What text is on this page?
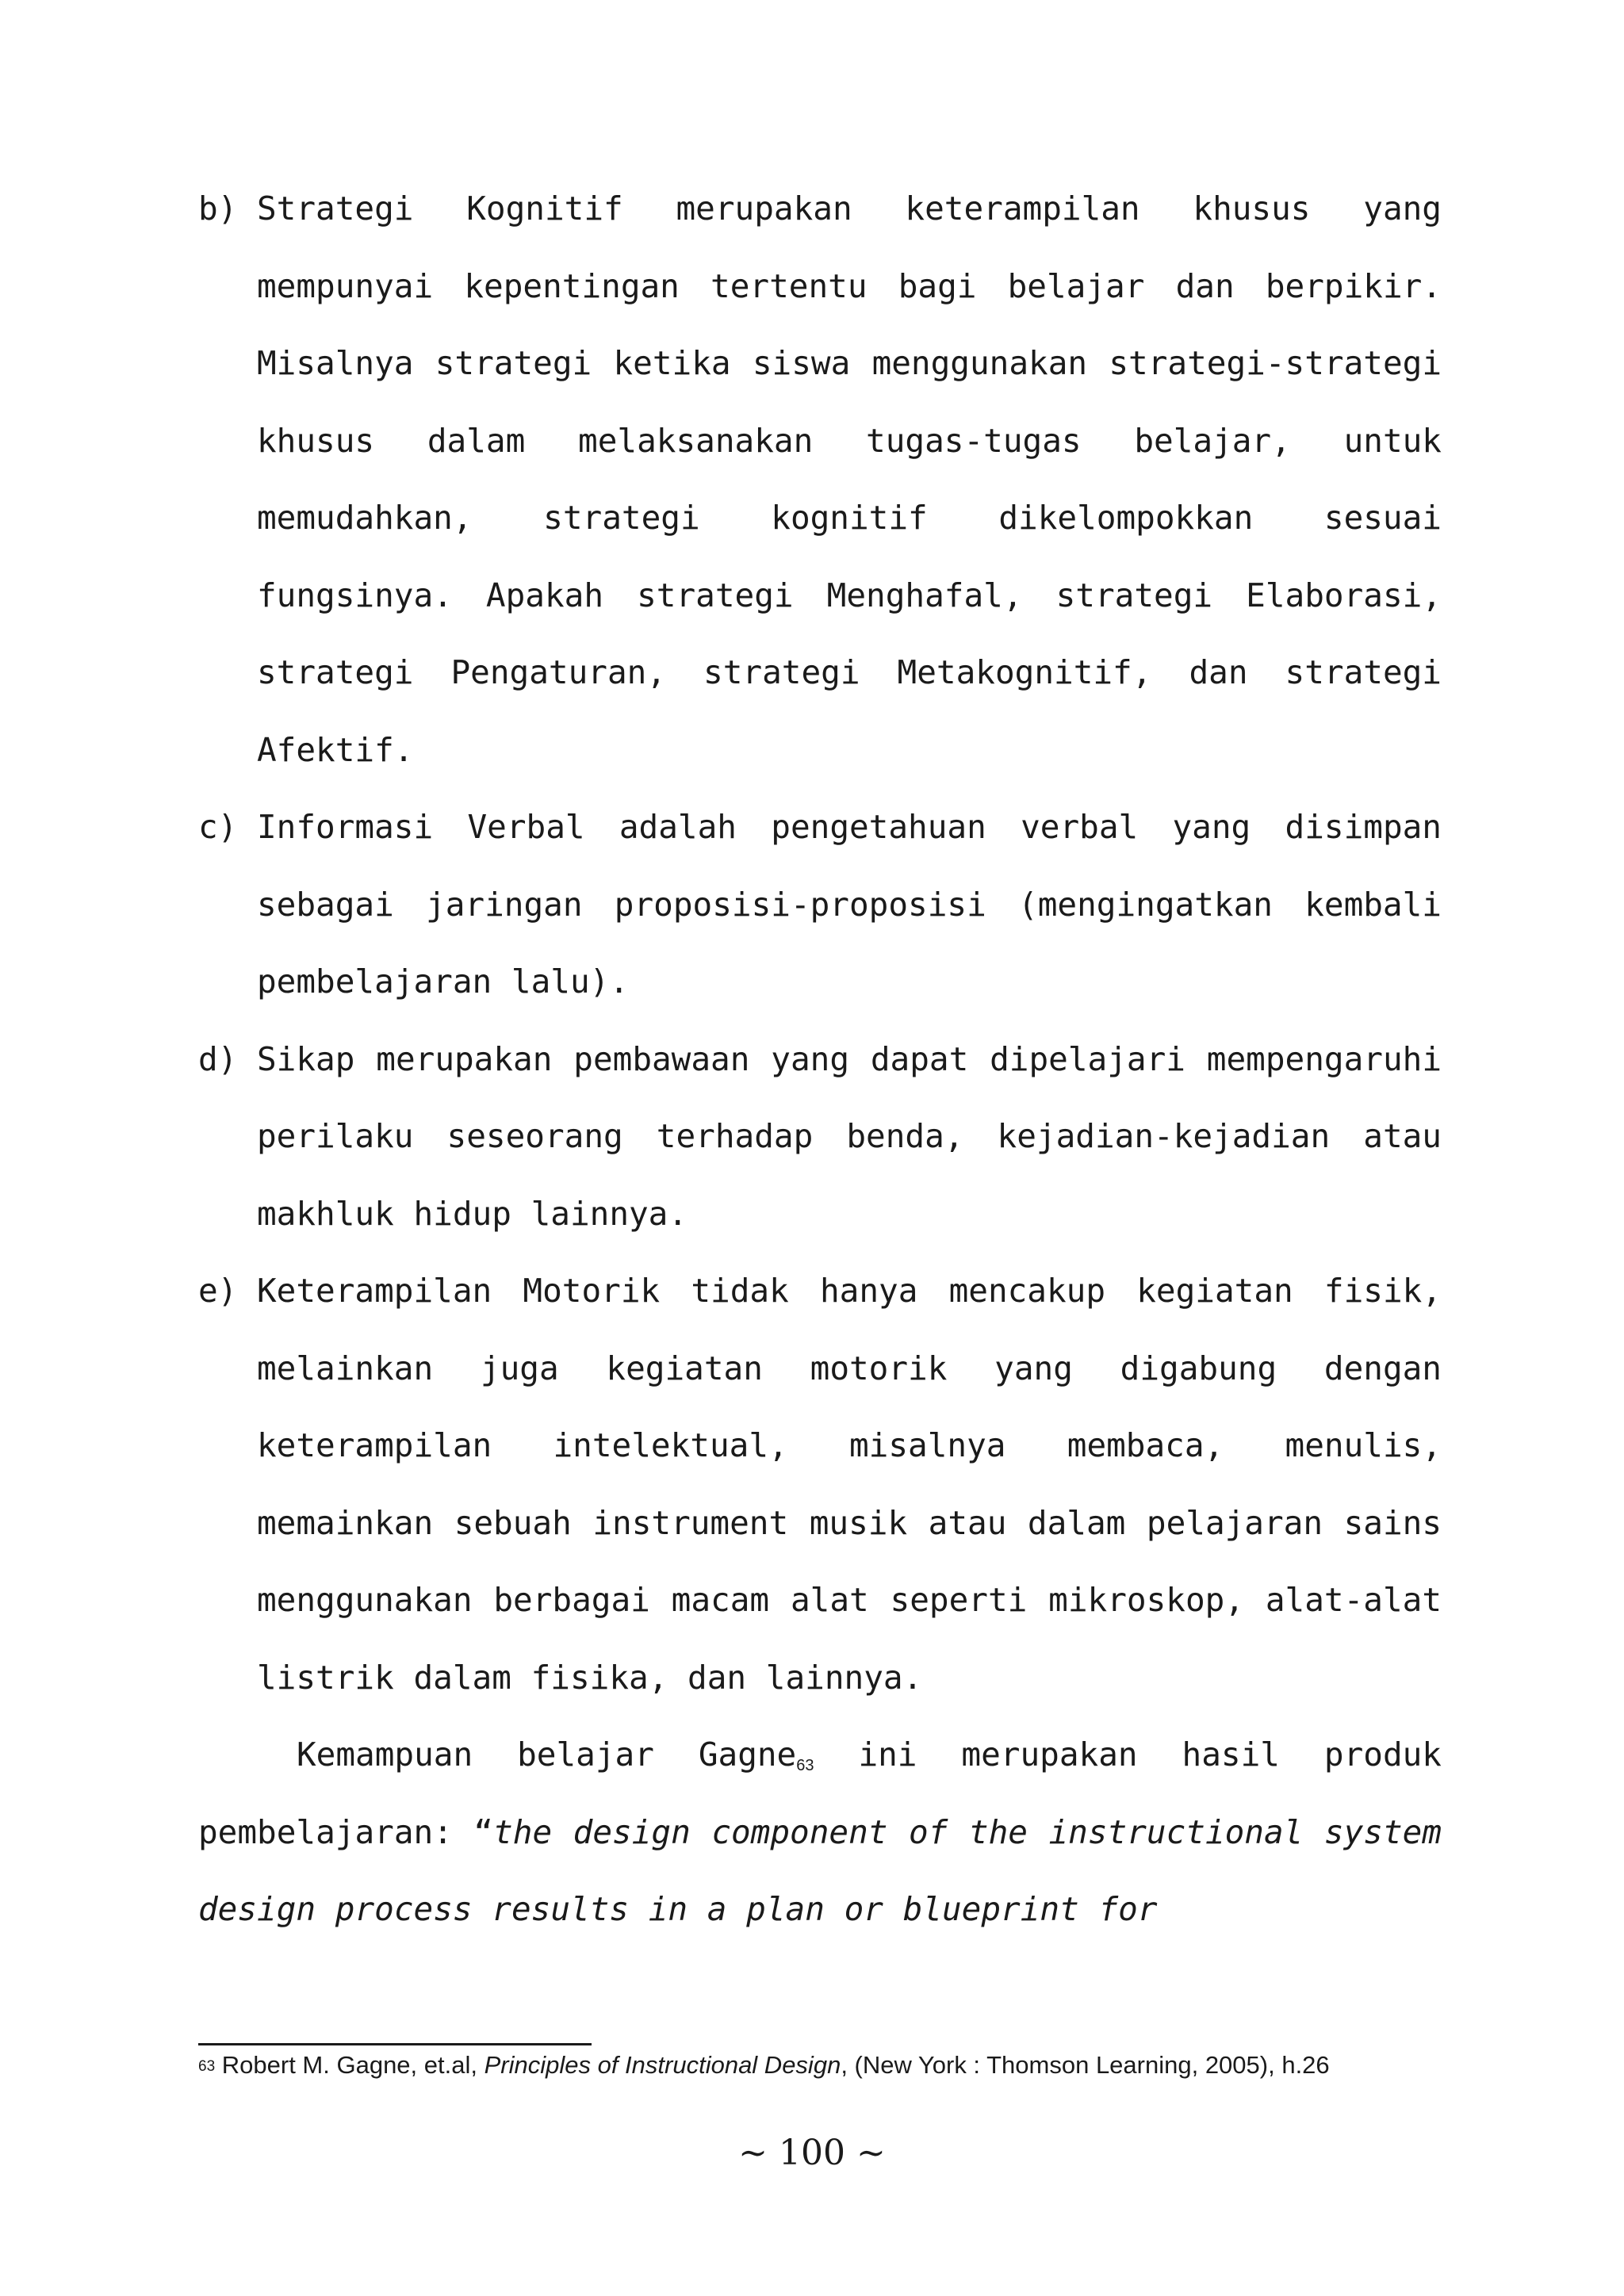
b) Strategi Kognitif merupakan keterampilan khusus yang mempunyai kepentingan tertentu bagi belajar dan berpikir. Misalnya strategi ketika siswa menggunakan strategi-strategi khusus dalam melaksanakan tugas-tugas belajar, untuk memudahkan, strategi kognitif dikelompokkan sesuai fungsinya. Apakah strategi Menghafal, strategi Elaborasi, strategi Pengaturan, strategi Metakognitif, dan strategi Afektif.
c) Informasi Verbal adalah pengetahuan verbal yang disimpan sebagai jaringan proposisi-proposisi (mengingatkan kembali pembelajaran lalu).
d) Sikap merupakan pembawaan yang dapat dipelajari mempengaruhi perilaku seseorang terhadap benda, kejadian-kejadian atau makhluk hidup lainnya.
e) Keterampilan Motorik tidak hanya mencakup kegiatan fisik, melainkan juga kegiatan motorik yang digabung dengan keterampilan intelektual, misalnya membaca, menulis, memainkan sebuah instrument musik atau dalam pelajaran sains menggunakan berbagai macam alat seperti mikroskop, alat-alat listrik dalam fisika, dan lainnya.

Kemampuan belajar Gagne$^{63}$ ini merupakan hasil produk pembelajaran: “the design component of the instructional system design process results in a plan or blueprint for

$^{63}$ Robert M. Gagne, et.al, Principles of Instructional Design, (New York : Thomson Learning, 2005), h.26
~ 100 ~
